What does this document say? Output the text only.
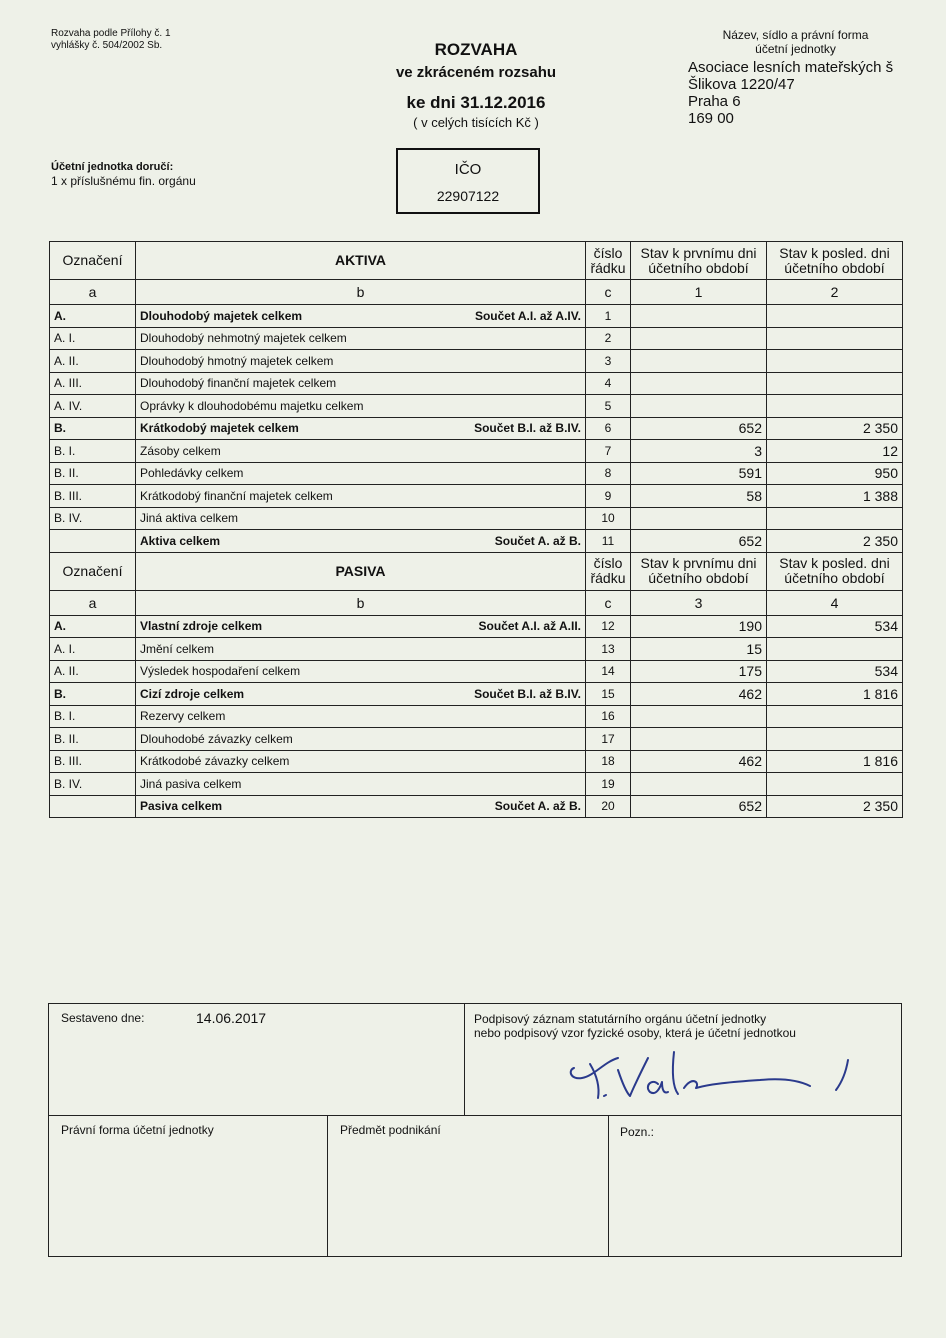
Rozvaha podle Přílohy č. 1
vyhlášky č. 504/2002 Sb.	ROZVAHA
ve zkráceném rozsahu
ke dni 31.12.2016
( v celých tisících Kč )
Název, sídlo a právní forma
účetní jednotky
Asociace lesních mateřských š
Šlikova 1220/47
Praha 6
169 00
Účetní jednotka doručí:
1 x příslušnému fin. orgánu
IČO
22907122
Označení	AKTIVA	číslo řádku	Stav k prvnímu dni účetního období	Stav k posled. dni účetního období
a	b	c	1	2
A.	Dlouhodobý majetek celkem Součet A.I. až A.IV.	1		
A. I.	Dlouhodobý nehmotný majetek celkem	2		
A. II.	Dlouhodobý hmotný majetek celkem	3		
A. III.	Dlouhodobý finanční majetek celkem	4		
A. IV.	Oprávky k dlouhodobému majetku celkem	5		
B.	Krátkodobý majetek celkem Součet B.I. až B.IV.	6	652	2 350
B. I.	Zásoby celkem	7	3	12
B. II.	Pohledávky celkem	8	591	950
B. III.	Krátkodobý finanční majetek celkem	9	58	1 388
B. IV.	Jiná aktiva celkem	10		

	Aktiva celkem Součet A. až B.	11	652	2 350
Označení	PASIVA	číslo řádku	Stav k prvnímu dni účetního období	Stav k posled. dni účetního období
a	b	c	3	4
A.	Vlastní zdroje celkem Součet A.I. až A.II.	12	190	534
A. I.	Jmění celkem	13	15	
A. II.	Výsledek hospodaření celkem	14	175	534
B.	Cizí zdroje celkem Součet B.I. až B.IV.	15	462	1 816
B. I.	Rezervy celkem	16		
B. II.	Dlouhodobé závazky celkem	17		
B. III.	Krátkodobé závazky celkem	18	462	1 816
B. IV.	Jiná pasiva celkem	19		

	Pasiva celkem Součet A. až B.	20	652	2 350
Sestaveno dne:	14.06.2017	Podpisový záznam statutárního orgánu účetní jednotky
nebo podpisový vzor fyzické osoby, která je účetní jednotkou
Právní forma účetní jednotky	Předmět podnikání	Pozn.:
